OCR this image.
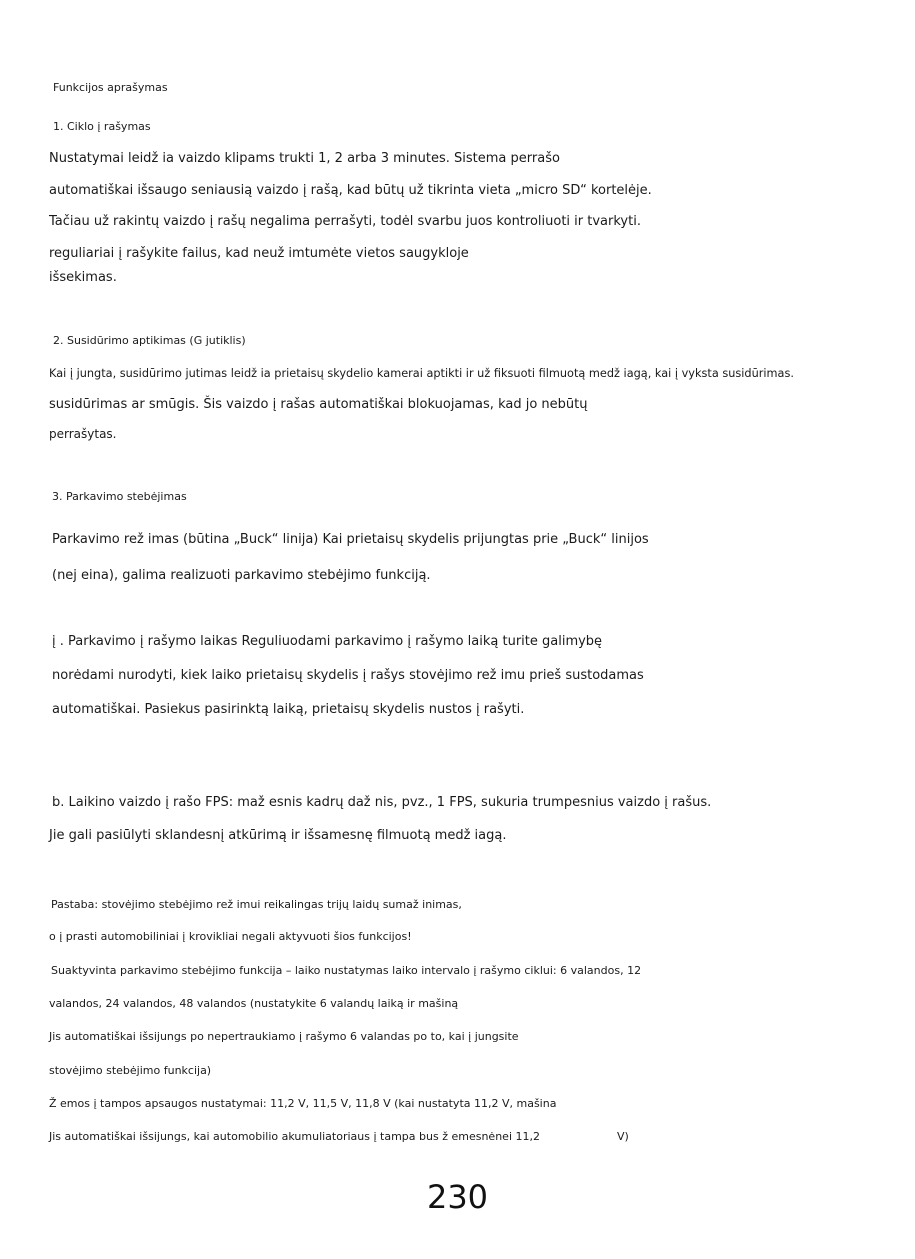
Funkcijos aprašymas
1. Ciklo į rašymas
Nustatymai leidž ia vaizdo klipams trukti 1, 2 arba 3 minutes. Sistema perrašo
automatiškai išsaugo seniausią vaizdo į rašą, kad būtų už tikrinta vieta „micro SD“ kortelėje.
Tačiau už rakintų vaizdo į rašų negalima perrašyti, todėl svarbu juos kontroliuoti ir tvarkyti.
reguliariai į rašykite failus, kad neuž imtumėte vietos saugykloje
išsekimas.
2. Susidūrimo aptikimas (G jutiklis)
Kai į jungta, susidūrimo jutimas leidž ia prietaisų skydelio kamerai aptikti ir už fiksuoti filmuotą medž iagą, kai į vyksta susidūrimas.
susidūrimas ar smūgis. Šis vaizdo į rašas automatiškai blokuojamas, kad jo nebūtų
perrašytas.
3. Parkavimo stebėjimas
Parkavimo rež imas (būtina „Buck“ linija) Kai prietaisų skydelis prijungtas prie „Buck“ linijos
(nej eina), galima realizuoti parkavimo stebėjimo funkciją.
į . Parkavimo į rašymo laikas Reguliuodami parkavimo į rašymo laiką turite galimybę
norėdami nurodyti, kiek laiko prietaisų skydelis į rašys stovėjimo rež imu prieš sustodamas
automatiškai. Pasiekus pasirinktą laiką, prietaisų skydelis nustos į rašyti.
b. Laikino vaizdo į rašo FPS: maž esnis kadrų daž nis, pvz., 1 FPS, sukuria trumpesnius vaizdo į rašus.
Jie gali pasiūlyti sklandesnį atkūrimą ir išsamesnę filmuotą medž iagą.
Pastaba: stovėjimo stebėjimo rež imui reikalingas trijų laidų sumaž inimas,
o į prasti automobiliniai į krovikliai negali aktyvuoti šios funkcijos!
Suaktyvinta parkavimo stebėjimo funkcija – laiko nustatymas laiko intervalo į rašymo ciklui: 6 valandos, 12
valandos, 24 valandos, 48 valandos (nustatykite 6 valandų laiką ir mašiną
Jis automatiškai išsijungs po nepertraukiamo į rašymo 6 valandas po to, kai į jungsite
stovėjimo stebėjimo funkcija)
Ž emos į tampos apsaugos nustatymai: 11,2 V, 11,5 V, 11,8 V (kai nustatyta 11,2 V, mašina
Jis automatiškai išsijungs, kai automobilio akumuliatoriaus į tampa bus ž emesnėnei 11,2	V)
230
